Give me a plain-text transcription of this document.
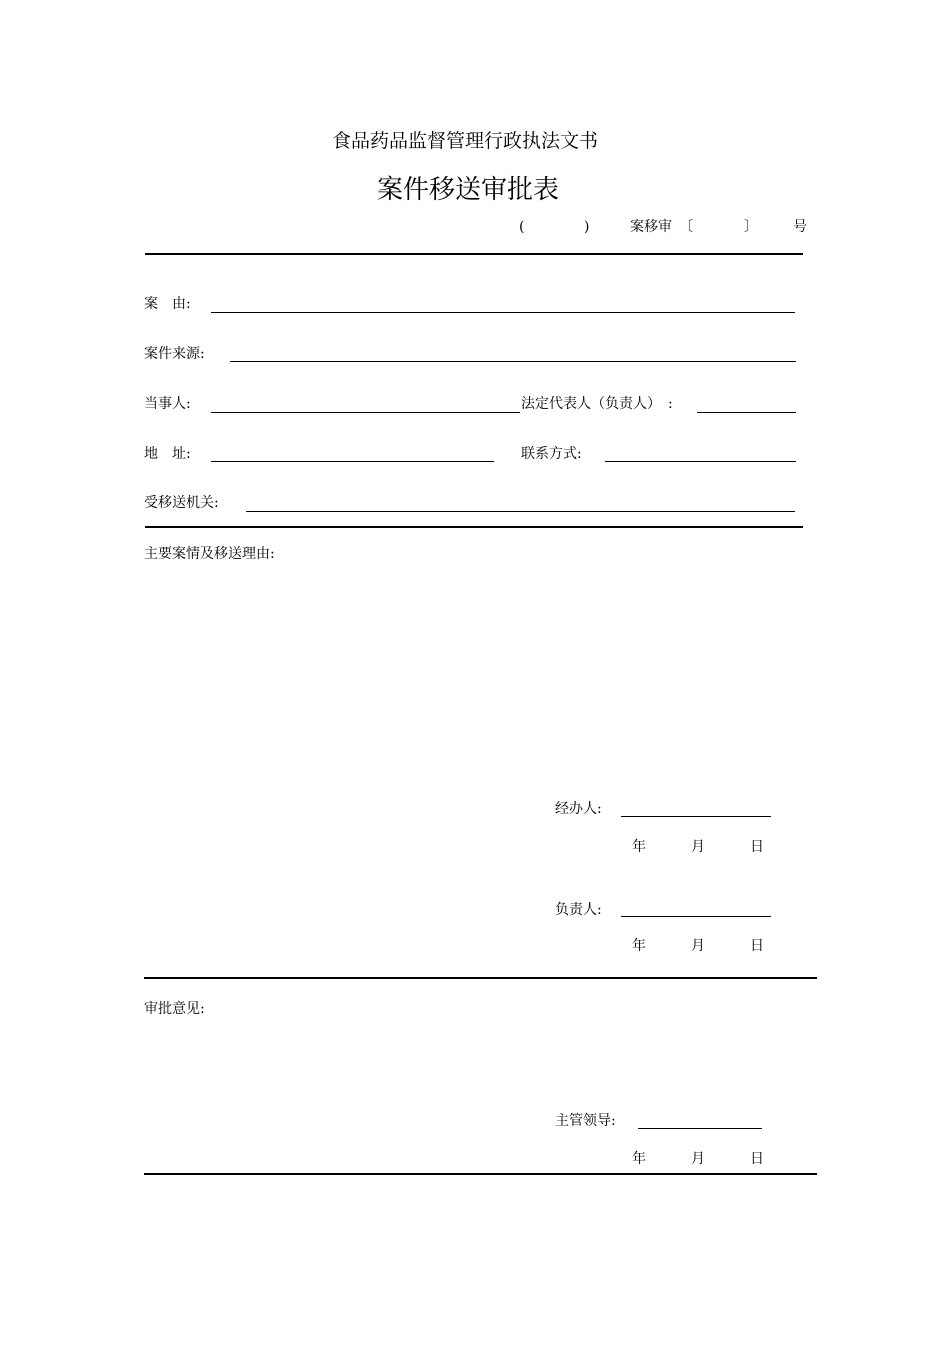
食品药品监督管理行政执法文书
案件移送审批表
(	)	案移审 〔	〕	号
案　由:
案件来源:
当事人:	法定代表人（负责人）　:
地　址:	联系方式:
受移送机关:
主要案情及移送理由:
经办人:
年	月	日
负责人:
年	月	日
审批意见:
主管领导:
年	月	日
